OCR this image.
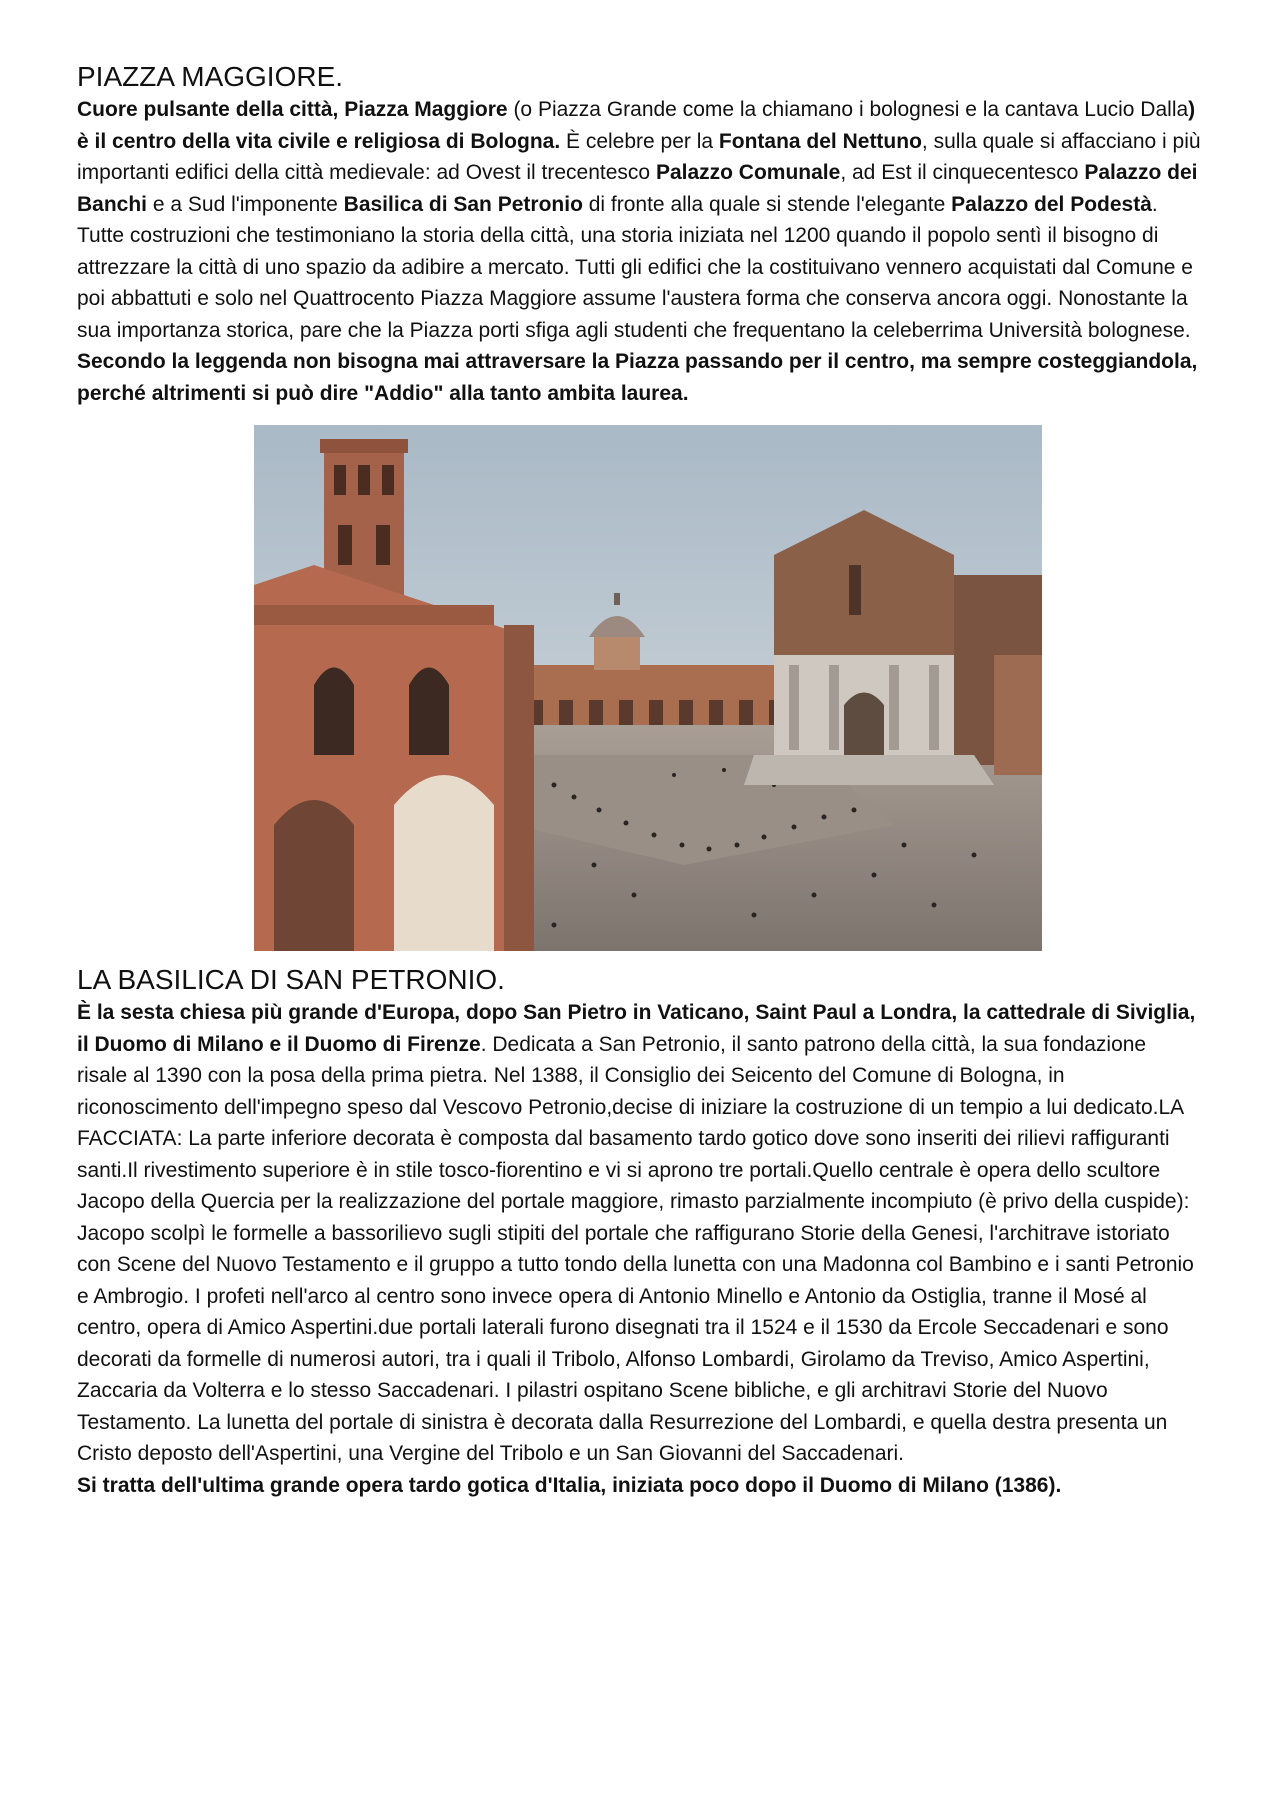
PIAZZA MAGGIORE.

Cuore pulsante della città, Piazza Maggiore (o Piazza Grande come la chiamano i bolognesi e la cantava Lucio Dalla) è il centro della vita civile e religiosa di Bologna. È celebre per la Fontana del Nettuno, sulla quale si affacciano i più importanti edifici della città medievale: ad Ovest il trecentesco Palazzo Comunale, ad Est il cinquecentesco Palazzo dei Banchi e a Sud l'imponente Basilica di San Petronio di fronte alla quale si stende l'elegante Palazzo del Podestà. Tutte costruzioni che testimoniano la storia della città, una storia iniziata nel 1200 quando il popolo sentì il bisogno di attrezzare la città di uno spazio da adibire a mercato. Tutti gli edifici che la costituivano vennero acquistati dal Comune e poi abbattuti e solo nel Quattrocento Piazza Maggiore assume l'austera forma che conserva ancora oggi. Nonostante la sua importanza storica, pare che la Piazza porti sfiga agli studenti che frequentano la celeberrima Università bolognese. Secondo la leggenda non bisogna mai attraversare la Piazza passando per il centro, ma sempre costeggiandola, perché altrimenti si può dire "Addio" alla tanto ambita laurea.

LA BASILICA DI SAN PETRONIO.

È la sesta chiesa più grande d'Europa, dopo San Pietro in Vaticano, Saint Paul a Londra, la cattedrale di Siviglia, il Duomo di Milano e il Duomo di Firenze. Dedicata a San Petronio, il santo patrono della città, la sua fondazione risale al 1390 con la posa della prima pietra. Nel 1388, il Consiglio dei Seicento del Comune di Bologna, in riconoscimento dell'impegno speso dal Vescovo Petronio,decise di iniziare la costruzione di un tempio a lui dedicato.LA FACCIATA: La parte inferiore decorata è composta dal basamento tardo gotico dove sono inseriti dei rilievi raffiguranti santi.Il rivestimento superiore è in stile tosco-fiorentino e vi si aprono tre portali.Quello centrale è opera dello scultore Jacopo della Quercia per la realizzazione del portale maggiore, rimasto parzialmente incompiuto (è privo della cuspide): Jacopo scolpì le formelle a bassorilievo sugli stipiti del portale che raffigurano Storie della Genesi, l'architrave istoriato con Scene del Nuovo Testamento e il gruppo a tutto tondo della lunetta con una Madonna col Bambino e i santi Petronio e Ambrogio. I profeti nell'arco al centro sono invece opera di Antonio Minello e Antonio da Ostiglia, tranne il Mosé al centro, opera di Amico Aspertini.due portali laterali furono disegnati tra il 1524 e il 1530 da Ercole Seccadenari e sono decorati da formelle di numerosi autori, tra i quali il Tribolo, Alfonso Lombardi, Girolamo da Treviso, Amico Aspertini, Zaccaria da Volterra e lo stesso Saccadenari. I pilastri ospitano Scene bibliche, e gli architravi Storie del Nuovo Testamento. La lunetta del portale di sinistra è decorata dalla Resurrezione del Lombardi, e quella destra presenta un Cristo deposto dell'Aspertini, una Vergine del Tribolo e un San Giovanni del Saccadenari.

Si tratta dell'ultima grande opera tardo gotica d'Italia, iniziata poco dopo il Duomo di Milano (1386).
